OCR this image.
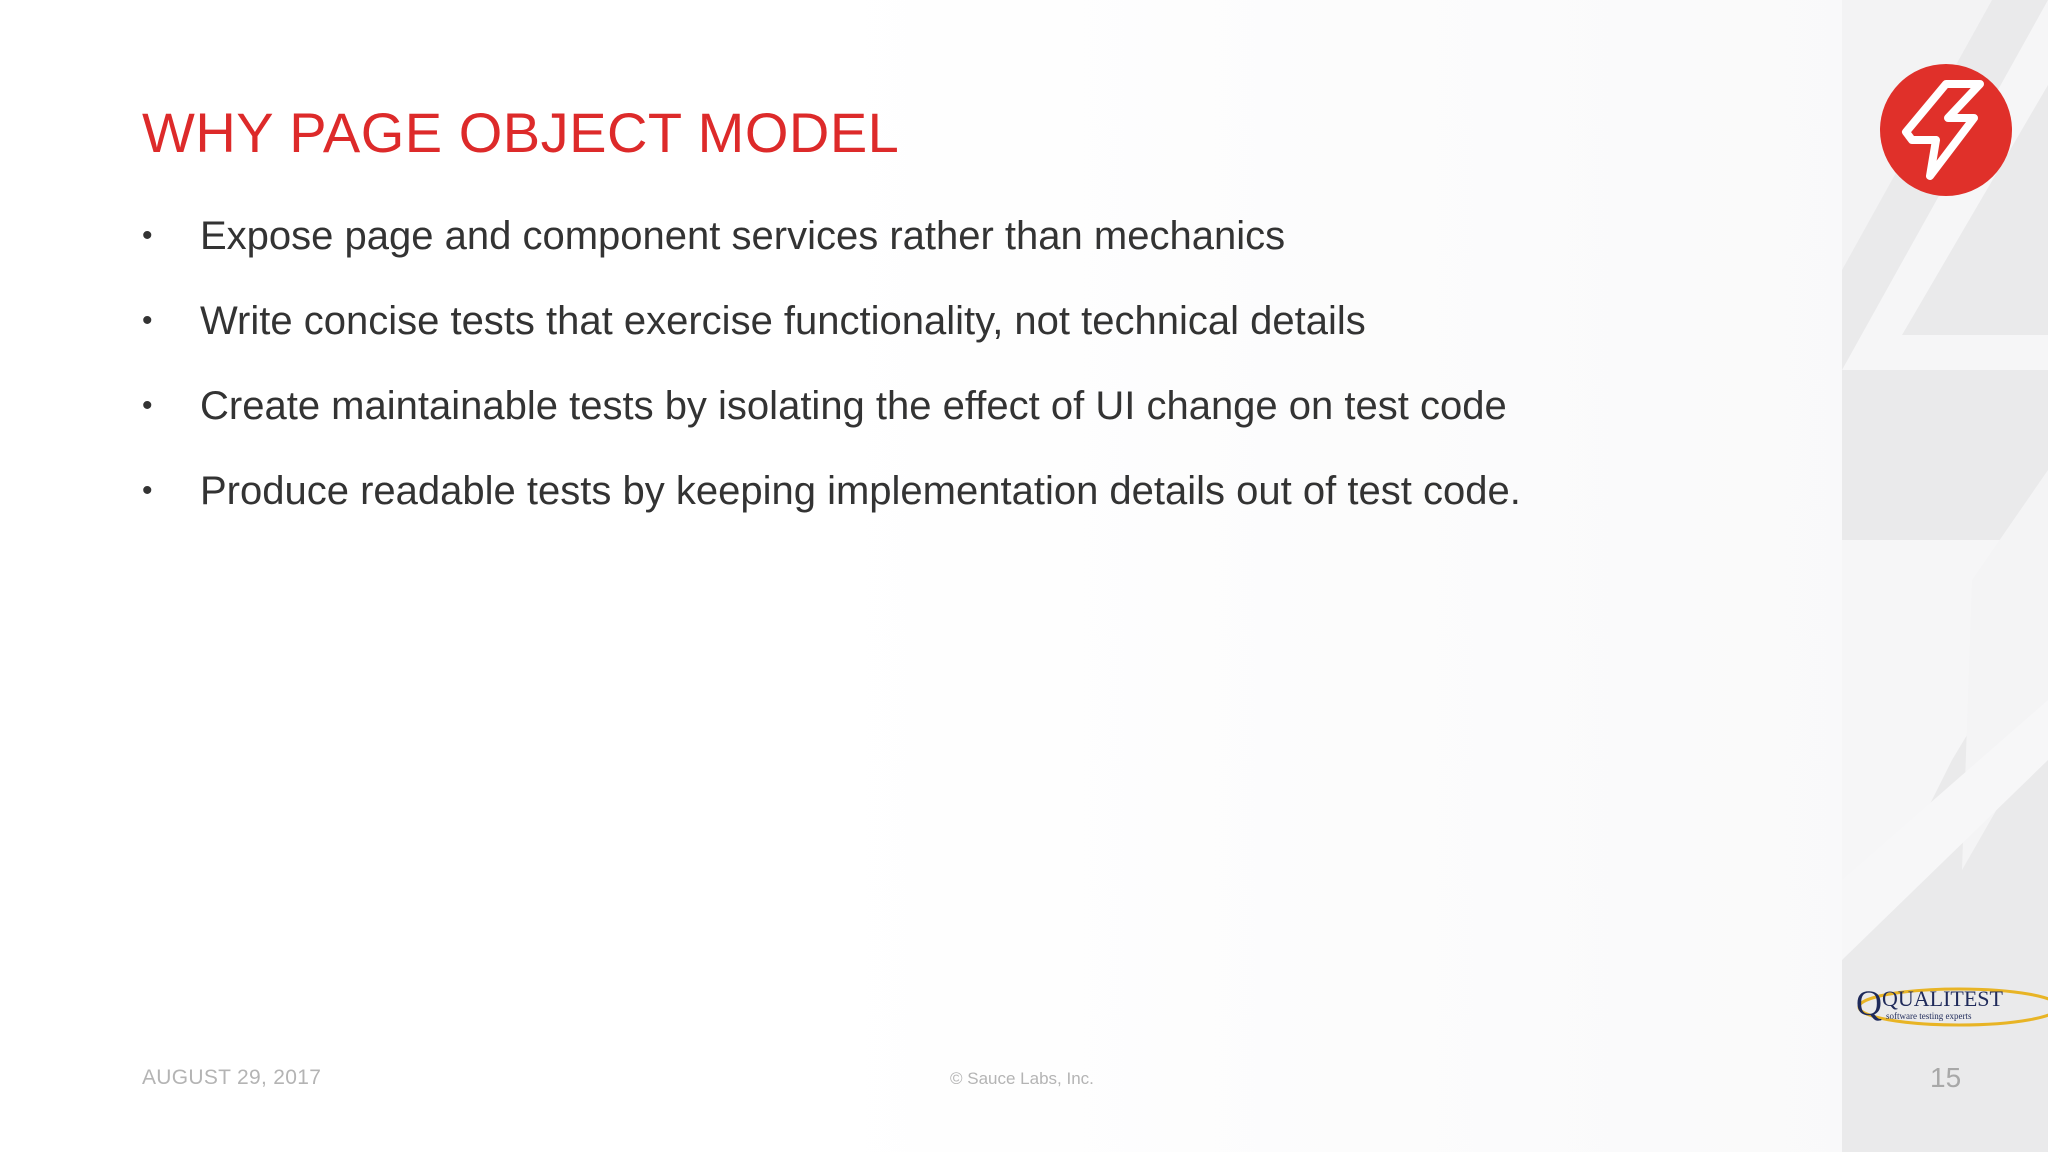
WHY PAGE OBJECT MODEL
• Expose page and component services rather than mechanics
• Write concise tests that exercise functionality, not technical details
• Create maintainable tests by isolating the effect of UI change on test code
• Produce readable tests by keeping implementation details out of test code.
AUGUST 29, 2017	© Sauce Labs, Inc.
Q QUALITEST
software testing experts
15
